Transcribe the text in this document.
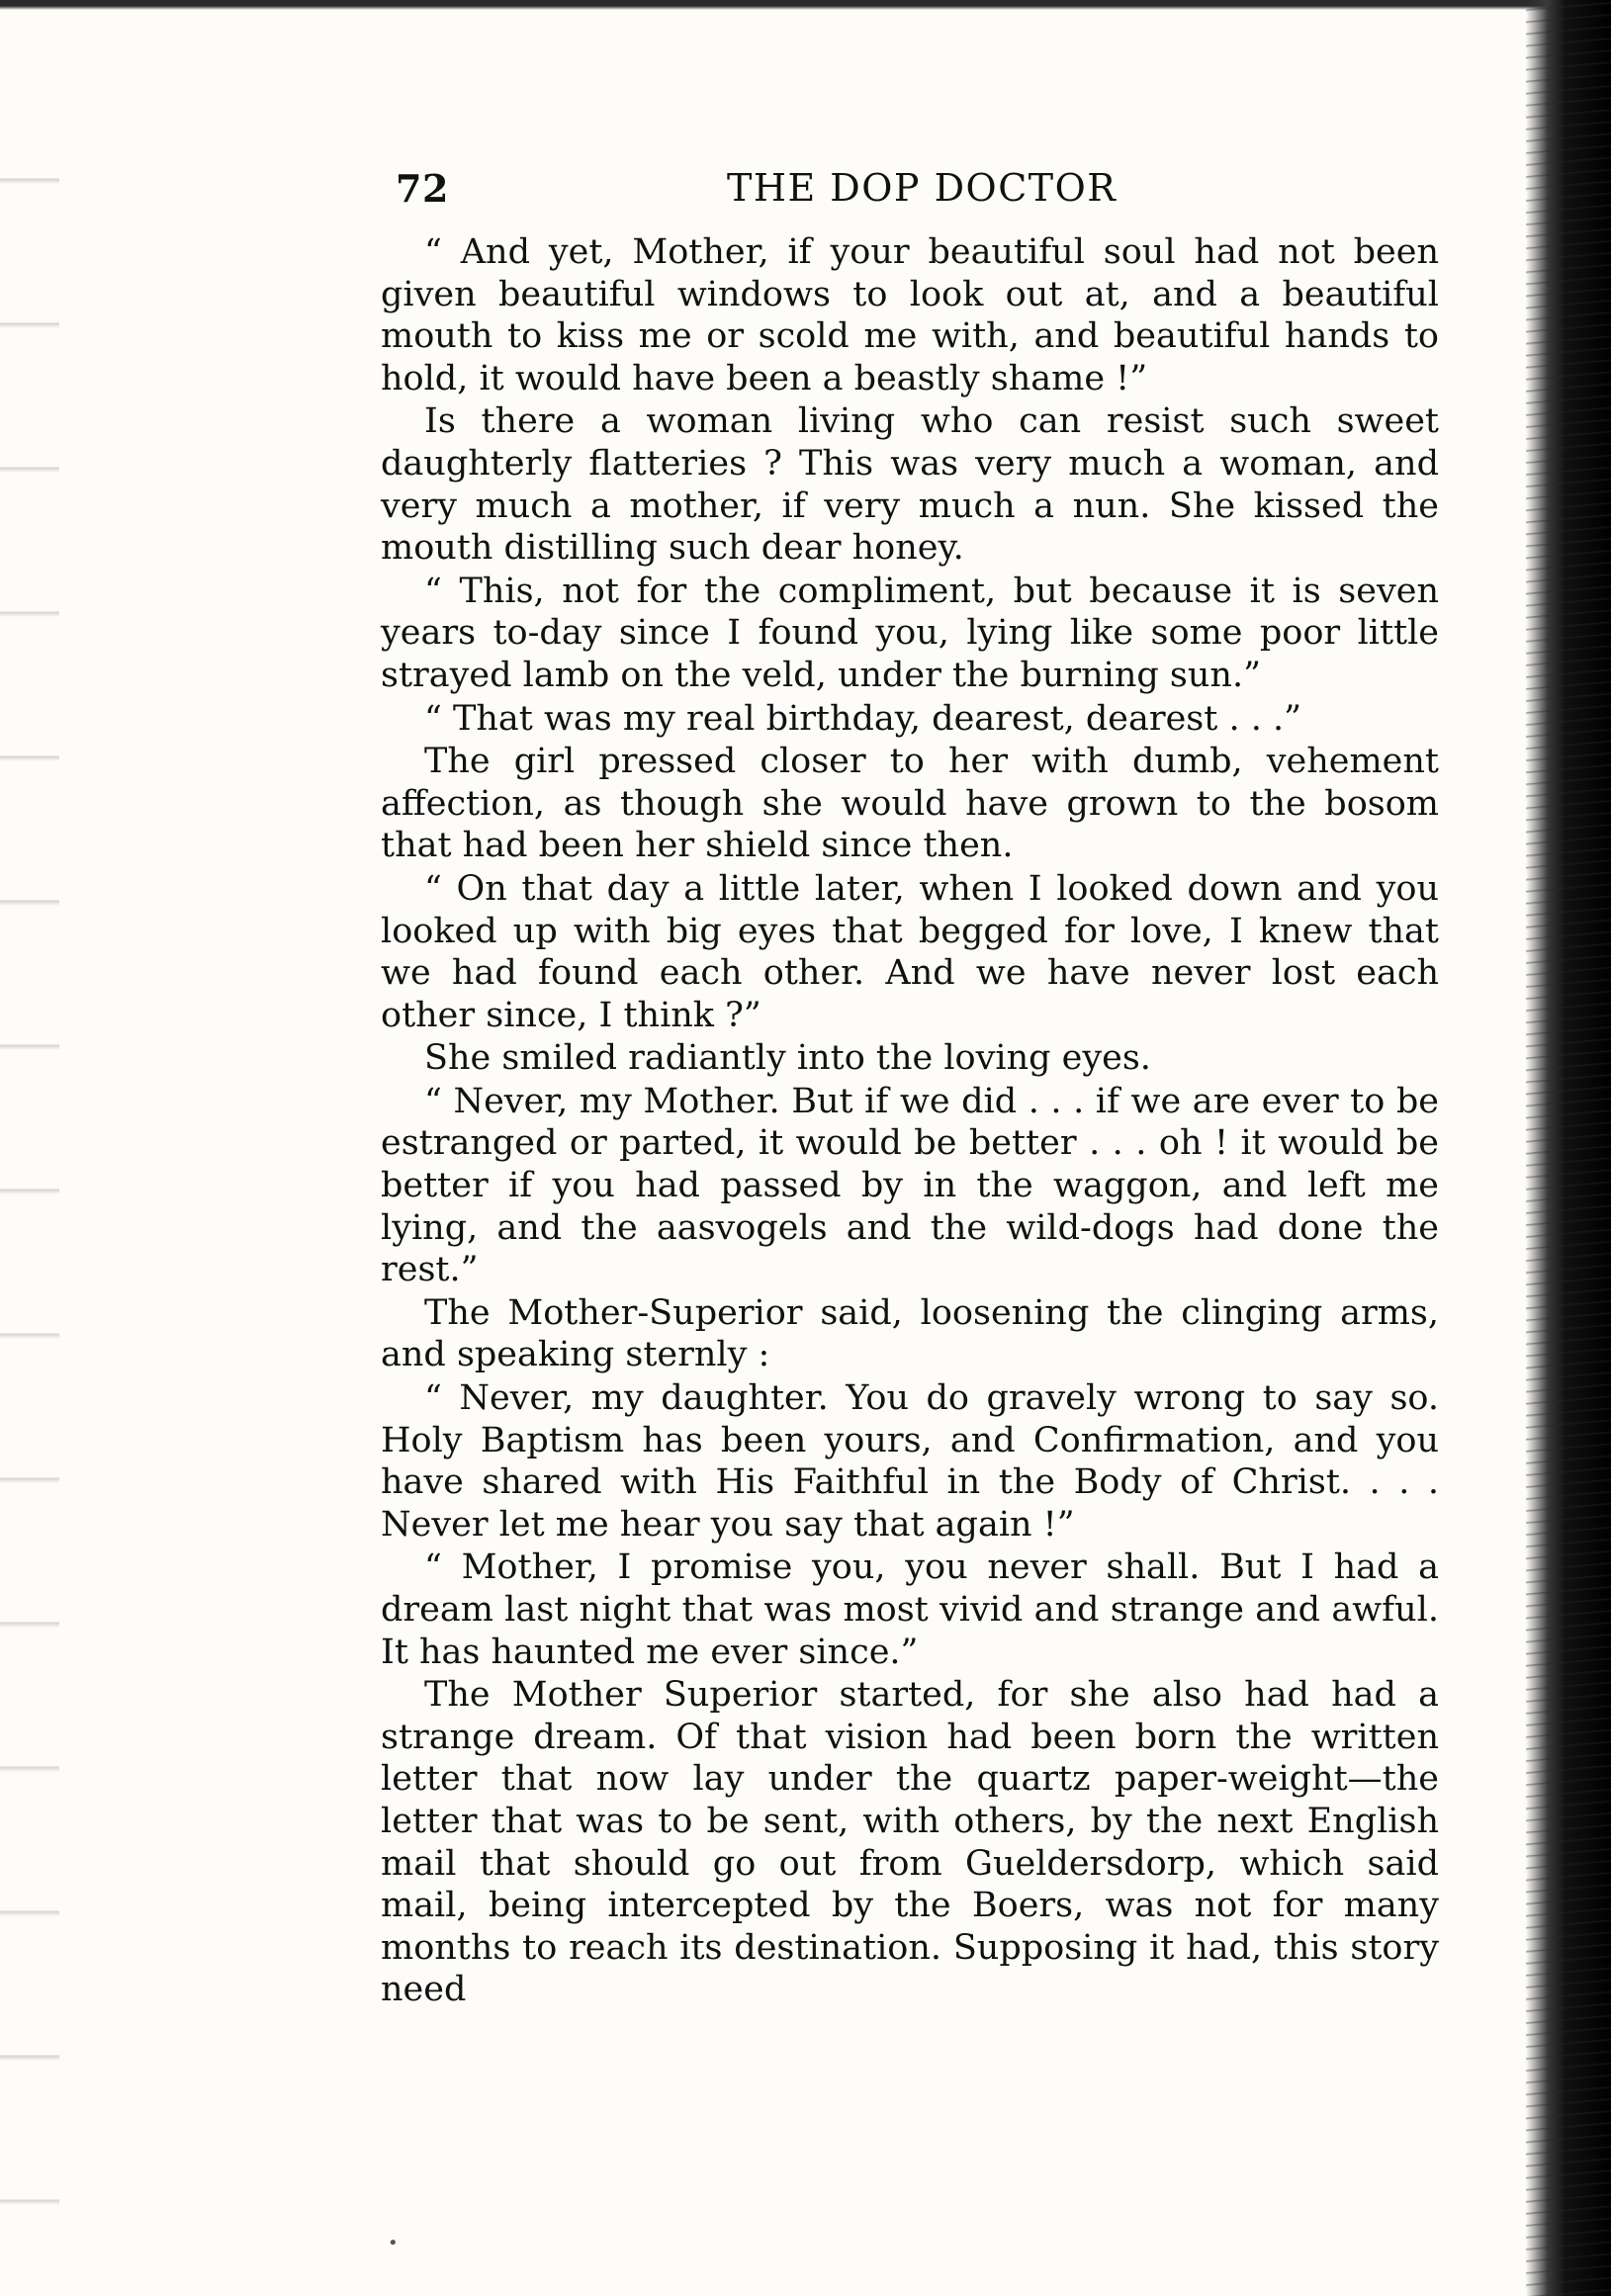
72	THE DOP DOCTOR

“ And yet, Mother, if your beautiful soul had not been given beautiful windows to look out at, and a beautiful mouth to kiss me or scold me with, and beautiful hands to hold, it would have been a beastly shame !”

Is there a woman living who can resist such sweet daughterly flatteries ? This was very much a woman, and very much a mother, if very much a nun. She kissed the mouth distilling such dear honey.

“ This, not for the compliment, but because it is seven years to-day since I found you, lying like some poor little strayed lamb on the veld, under the burning sun.”

“ That was my real birthday, dearest, dearest . . .”

The girl pressed closer to her with dumb, vehement affection, as though she would have grown to the bosom that had been her shield since then.

“ On that day a little later, when I looked down and you looked up with big eyes that begged for love, I knew that we had found each other. And we have never lost each other since, I think ?”

She smiled radiantly into the loving eyes.

“ Never, my Mother. But if we did . . . if we are ever to be estranged or parted, it would be better . . . oh ! it would be better if you had passed by in the waggon, and left me lying, and the aasvogels and the wild-dogs had done the rest.”

The Mother-Superior said, loosening the clinging arms, and speaking sternly :

“ Never, my daughter. You do gravely wrong to say so. Holy Baptism has been yours, and Confirmation, and you have shared with His Faithful in the Body of Christ. . . . Never let me hear you say that again !”

“ Mother, I promise you, you never shall. But I had a dream last night that was most vivid and strange and awful. It has haunted me ever since.”

The Mother Superior started, for she also had had a strange dream. Of that vision had been born the written letter that now lay under the quartz paper-weight—the letter that was to be sent, with others, by the next English mail that should go out from Gueldersdorp, which said mail, being intercepted by the Boers, was not for many months to reach its destination. Supposing it had, this story need

•
